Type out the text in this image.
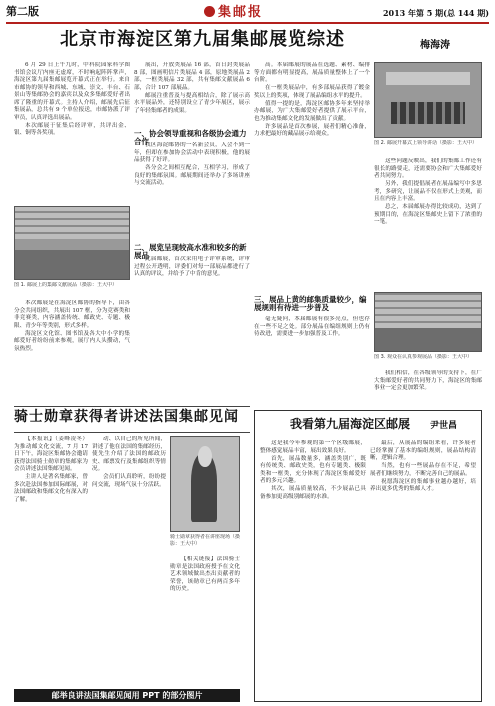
第二版	集邮报	2013 年第 5 期(总 144 期)
北京市海淀区第九届集邮展览综述	梅海涛

6 月 29 日上午九时，中科院园家科学图书馆会议厅内座无虚席，不时响起阵阵掌声，海淀区第九届集邮展览开幕式正在举行。来自市邮协的领导和西城、东城、崇文、丰台、石景山等集邮协会的嘉宾以及众多集邮爱好者出席了隆重的开幕式。主持人介绍，邮展先后征集展品，总共有 9 个单位报送，市邮协派了评审员，认真评选出展品。

本次邮展于征集后经评审，共评出金、银、铜等各奖项。

图 1. 邮展上的集邮文献展品（摄影：王大中）

本次邮展是在海淀区邮协的指导下，由各分会共同组织，共展出 107 框，分为竞赛类和非竞赛类，内容涵盖传统、邮政史、专题、极限、青少年等类别，形式多样。

海淀区文化馆、图书馆及各大中小学的集邮爱好者纷纷前来参观，展厅内人头攒动，气氛热烈。

展出，开放类展品 16 部，首日封类展品 8 部，图画明信片类展品 4 部，原地类展品 2 部，一框类展品 32 部，共有集邮文献展品 6 部，合计 107 部展品。

邮展注重普及与提高相结合，除了展示高水平展品外，还特别设立了青少年展区，展示了年轻集邮者的成果。

一、协会领导重视和各级协会通力合作

我区海淀邮协的一名新会员，入会不到一年，但却在参加协会活动中表现积极，他的展品获得了好评。

各分会之间相互配合，互相学习，形成了良好的集邮氛围。邮展期间还举办了多场讲座与交流活动。

二、展览呈现较高水准和较多的新展品

此届邮展，首次采用电子评审系统，评审过程公开透明，评委们对每一部展品都进行了认真的评议，并给予了中肯的意见。

高。本届邮展的展品在选题、素材、编排等方面都有明显提高，展品质量整体上了一个台阶。

在一框类展品中，有多部展品获得了镀金奖以上的奖项，体现了展品编组水平的提升。

值得一提的是，海淀区邮协多年来坚持举办邮展，为广大集邮爱好者提供了展示平台，也为推动集邮文化的发展做出了贡献。

许多展品是首次参展，展者们精心准备，力求把最好的藏品展示给观众。

三、展品上黄的邮集质量较少，编展规则有待进一步普及

毫无疑问，本届邮展有很多亮点，但也存在一些不足之处。部分展品在编组规则上仍有待改进，需要进一步加强普及工作。

图 2. 邮展开幕式上领导讲话（摄影：王大中）

这些问题反映出，我们的集邮工作还有很长的路要走，还需要协会和广大集邮爱好者共同努力。

另外，我们提倡展者在展品编写中多思考，多研究，让展品不仅在形式上美观，而且在内容上丰富。

总之，本届邮展办得比较成功，达到了预期目的，在海淀区集邮史上留下了浓重的一笔。

图 3. 观众在认真参观展品（摄影：王大中）

我们相信，在各级领导的支持下，在广大集邮爱好者的共同努力下，海淀区的集邮事业一定会更加繁荣。

骑士勋章获得者讲述法国集邮见闻

【本报讯】（姜峰凌冬）为推动邮文化交流，7 月 17 日下午，海淀区集邮协会邀请获得法国骑士勋章的集邮家为会员讲述法国集邮见闻。

主讲人是著名集邮家，曾多次赴法国参加国际邮展，对法国邮政和集邮文化有深入的了解。

动、以自己的所见所闻，讲述了他在法国的集邮经历，使先生介绍了法国的邮政历史、邮票发行及集邮组织等情况。

会员们认真聆听，纷纷提问交流，现场气氛十分活跃。

骑士勋章获得者在讲座现场（摄影：王大中）

【相关链接】法国骑士勋章是法国政府授予在文化艺术领域做出杰出贡献者的荣誉，该勋章已有两百多年的历史。

邮举良讲法国集邮见闻用 PPT 的部分图片
我看第九届海淀区邮展 尹世昌

这是我今年参观的第一个区级邮展，整体感觉展品丰富，展出效果良好。

首先，展品数量多，涵盖类别广，既有传统类、邮政史类，也有专题类、极限类和一框类，充分体现了海淀区集邮爱好者的多元兴趣。

其次，展品质量较高，不少展品已具备参加更高级别邮展的水准。

最后，从展品的编组来看，许多展者已经掌握了基本的编组规则，展品结构清晰，逻辑合理。

当然，也有一些展品存在不足，希望展者们继续努力，不断完善自己的展品。

祝愿海淀区的集邮事业越办越好，培养出更多优秀的集邮人才。
